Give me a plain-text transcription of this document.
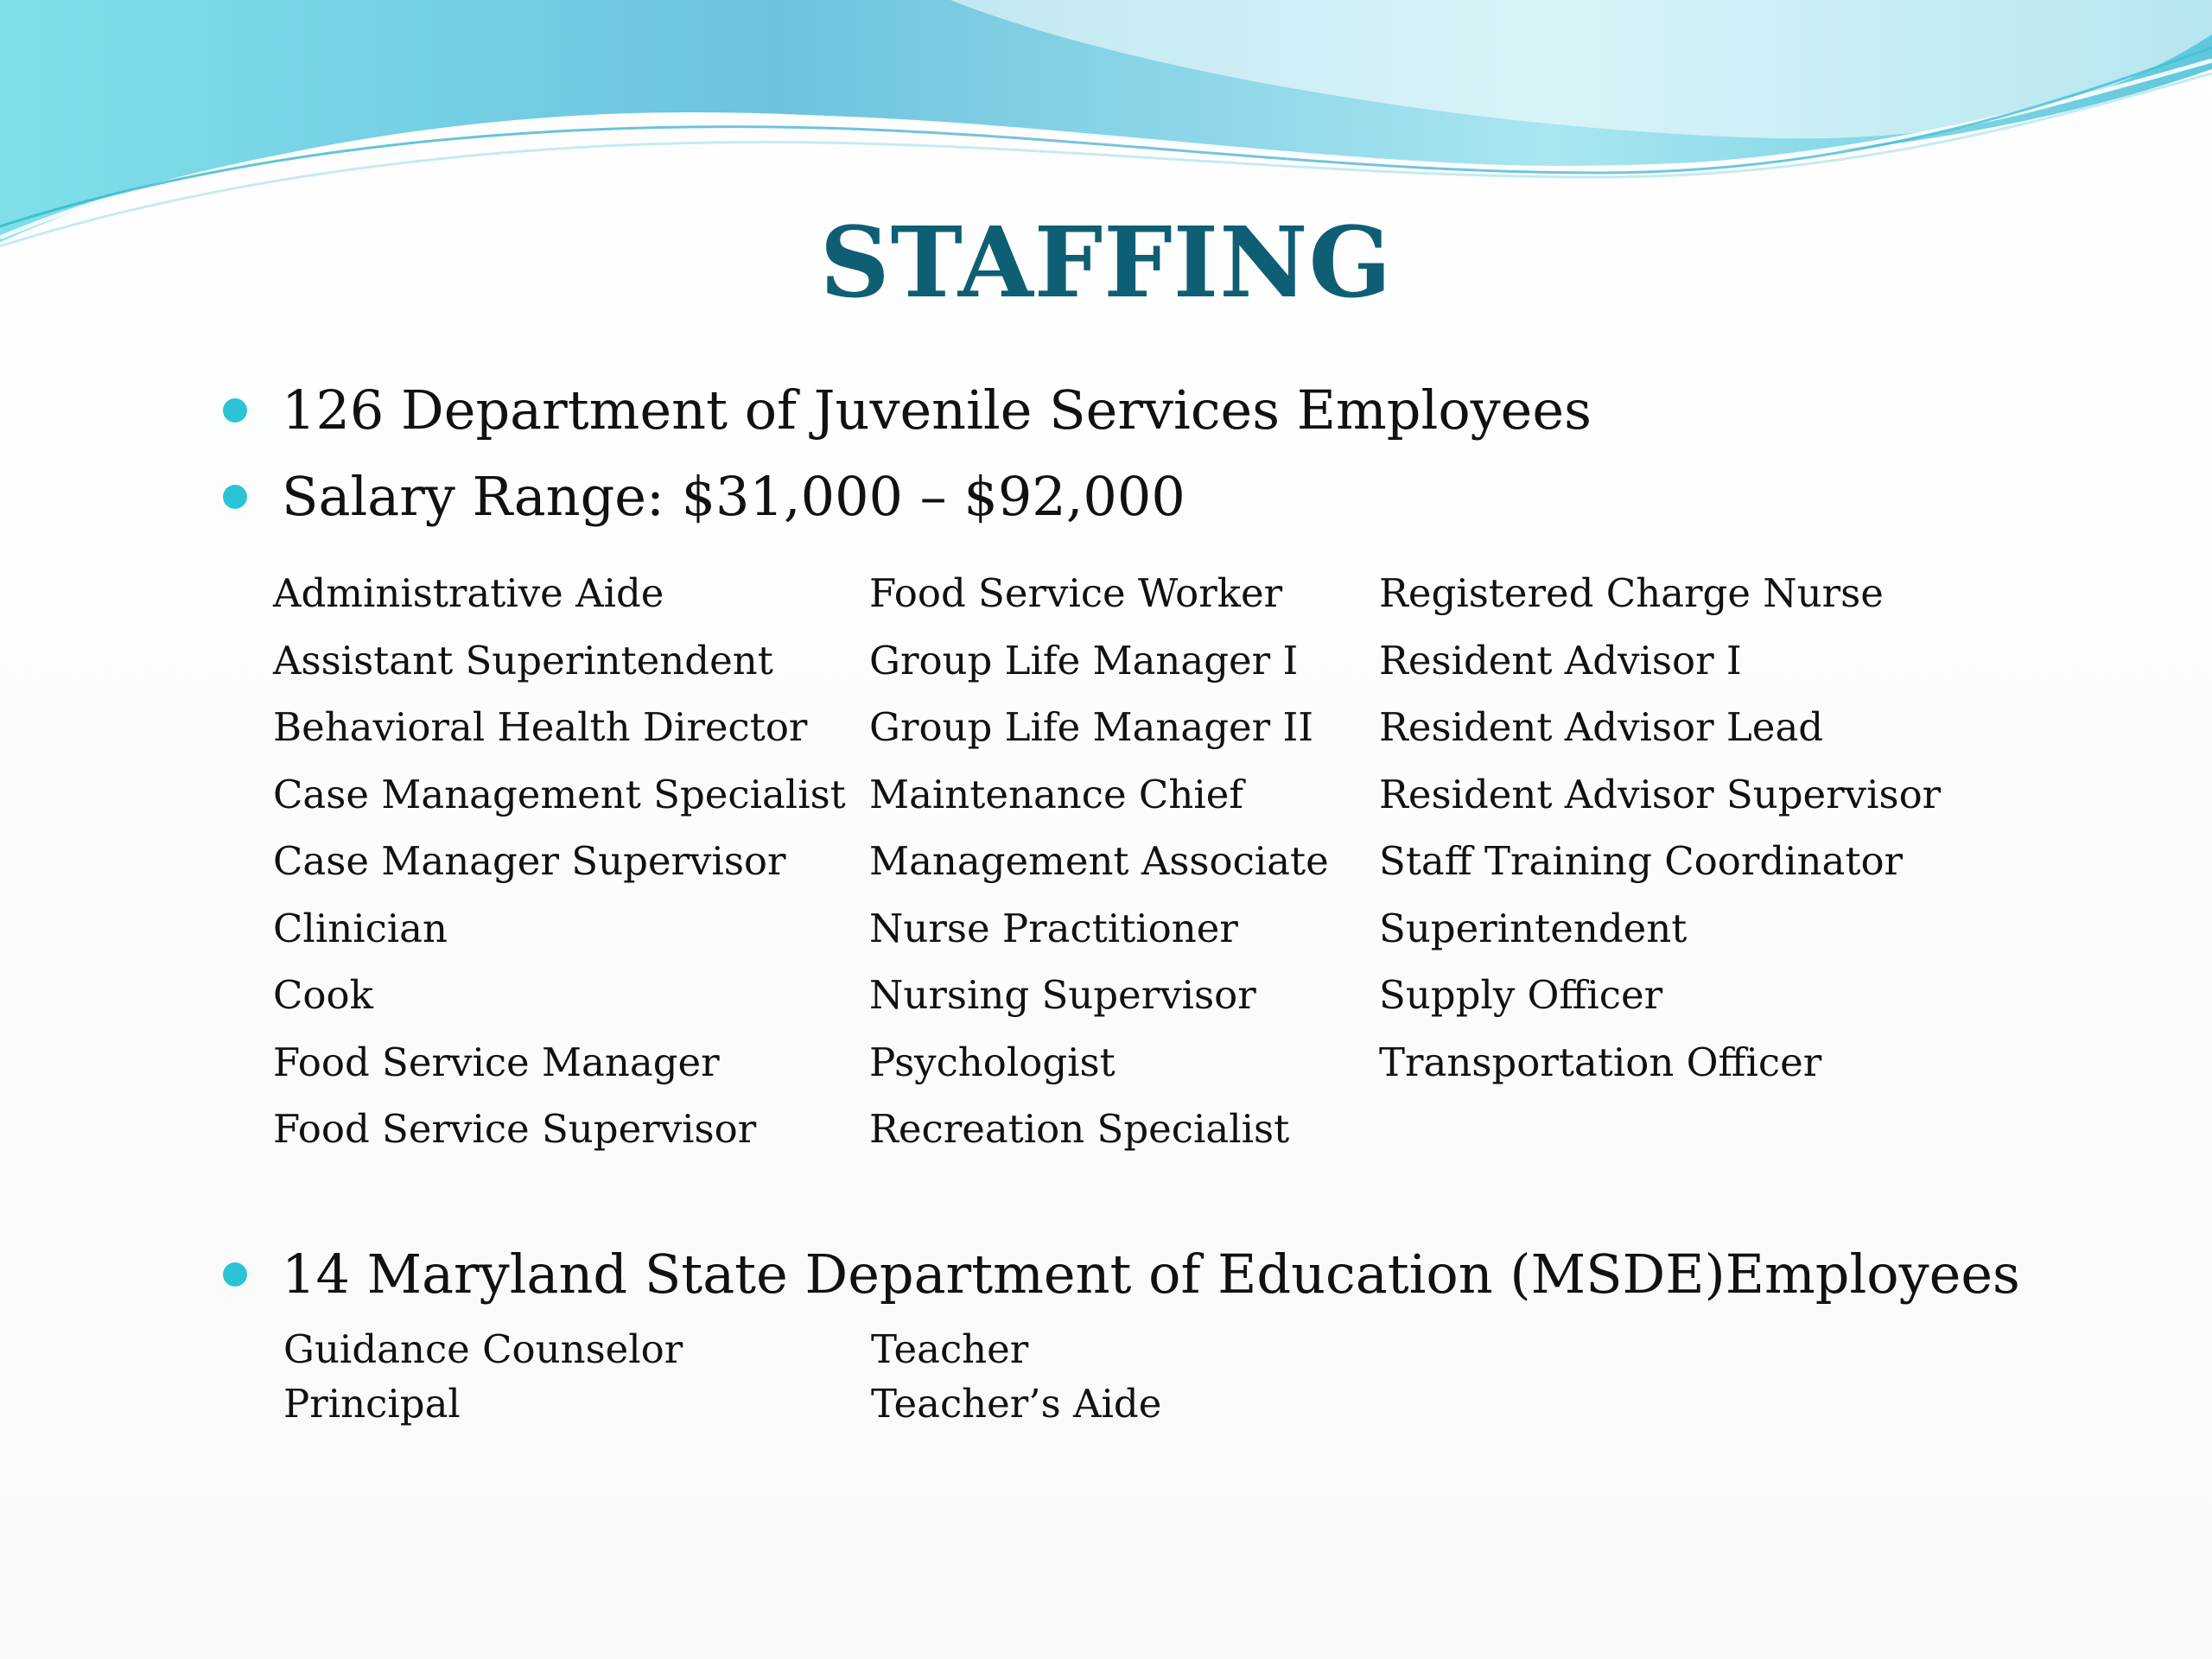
STAFFING
126 Department of Juvenile Services Employees
Salary Range: $31,000 – $92,000
Administrative Aide
Assistant Superintendent
Behavioral Health Director
Case Management Specialist
Case Manager Supervisor
Clinician
Cook
Food Service Manager
Food Service Supervisor
Food Service Worker
Group Life Manager I
Group Life Manager II
Maintenance Chief
Management Associate
Nurse Practitioner
Nursing Supervisor
Psychologist
Recreation Specialist
Registered Charge Nurse
Resident Advisor I
Resident Advisor Lead
Resident Advisor Supervisor
Staff Training Coordinator
Superintendent
Supply Officer
Transportation Officer
14 Maryland State Department of Education (MSDE)Employees
Guidance Counselor
Principal
Teacher
Teacher’s Aide
